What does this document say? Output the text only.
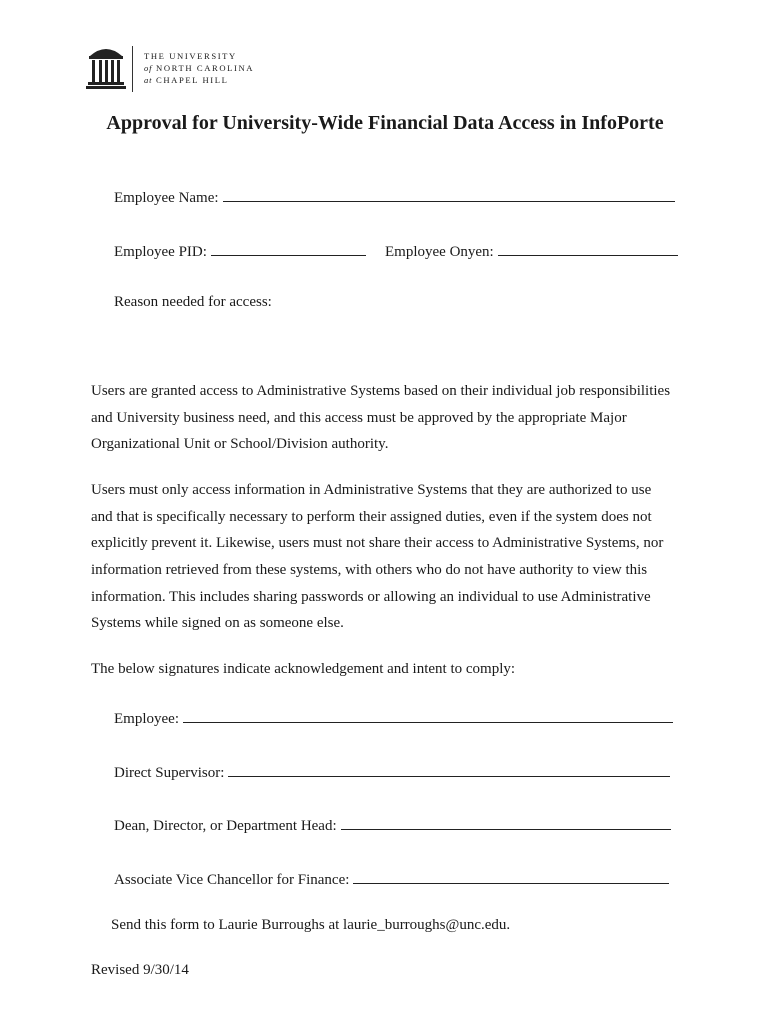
THE UNIVERSITY
of NORTH CAROLINA
at CHAPEL HILL
Approval for University-Wide Financial Data Access in InfoPorte
Employee Name:
Employee PID:	Employee Onyen:
Reason needed for access:

Users are granted access to Administrative Systems based on their individual job responsibilities
and University business need, and this access must be approved by the appropriate Major
Organizational Unit or School/Division authority.

Users must only access information in Administrative Systems that they are authorized to use
and that is specifically necessary to perform their assigned duties, even if the system does not
explicitly prevent it. Likewise, users must not share their access to Administrative Systems, nor
information retrieved from these systems, with others who do not have authority to view this
information. This includes sharing passwords or allowing an individual to use Administrative
Systems while signed on as someone else.

The below signatures indicate acknowledgement and intent to comply:
Employee:
Direct Supervisor:
Dean, Director, or Department Head:
Associate Vice Chancellor for Finance:
Send this form to Laurie Burroughs at laurie_burroughs@unc.edu.
Revised 9/30/14
